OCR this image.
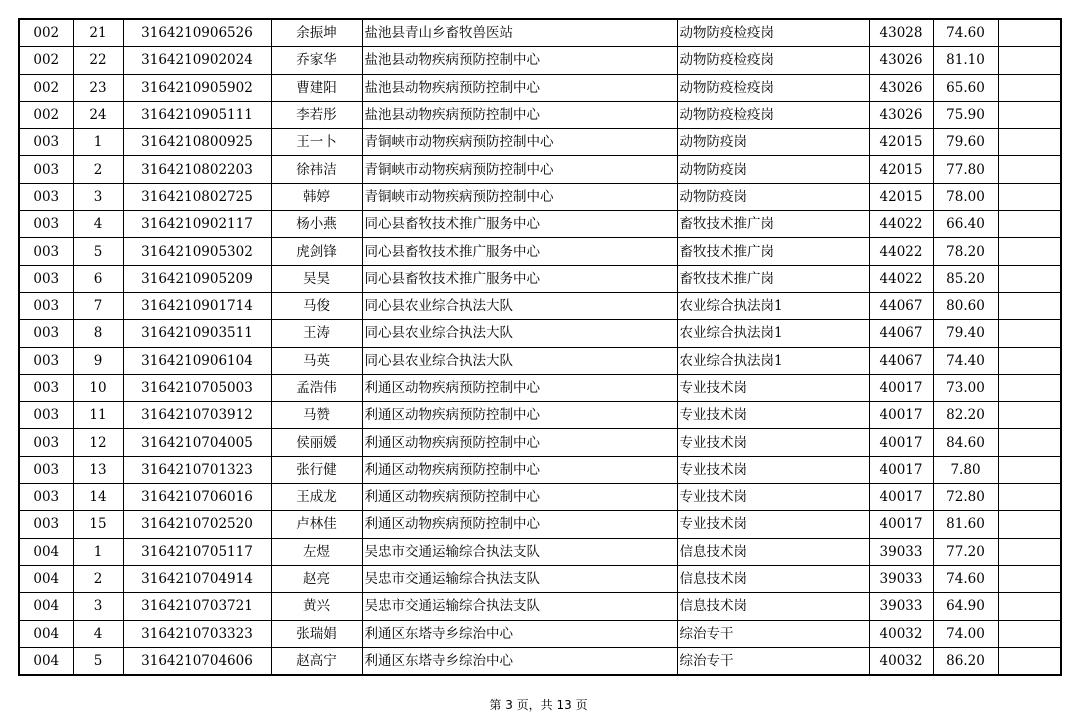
002	21	3164210906526	余振坤	盐池县青山乡畜牧兽医站	动物防疫检疫岗	43028	74.60	
002	22	3164210902024	乔家华	盐池县动物疾病预防控制中心	动物防疫检疫岗	43026	81.10	
002	23	3164210905902	曹建阳	盐池县动物疾病预防控制中心	动物防疫检疫岗	43026	65.60	
002	24	3164210905111	李若彤	盐池县动物疾病预防控制中心	动物防疫检疫岗	43026	75.90	
003	1	3164210800925	王一卜	青铜峡市动物疾病预防控制中心	动物防疫岗	42015	79.60	
003	2	3164210802203	徐祎洁	青铜峡市动物疾病预防控制中心	动物防疫岗	42015	77.80	
003	3	3164210802725	韩婷	青铜峡市动物疾病预防控制中心	动物防疫岗	42015	78.00	
003	4	3164210902117	杨小燕	同心县畜牧技术推广服务中心	畜牧技术推广岗	44022	66.40	
003	5	3164210905302	虎剑锋	同心县畜牧技术推广服务中心	畜牧技术推广岗	44022	78.20	
003	6	3164210905209	吴昊	同心县畜牧技术推广服务中心	畜牧技术推广岗	44022	85.20	
003	7	3164210901714	马俊	同心县农业综合执法大队	农业综合执法岗1	44067	80.60	
003	8	3164210903511	王涛	同心县农业综合执法大队	农业综合执法岗1	44067	79.40	
003	9	3164210906104	马英	同心县农业综合执法大队	农业综合执法岗1	44067	74.40	
003	10	3164210705003	孟浩伟	利通区动物疾病预防控制中心	专业技术岗	40017	73.00	
003	11	3164210703912	马赞	利通区动物疾病预防控制中心	专业技术岗	40017	82.20	
003	12	3164210704005	侯丽媛	利通区动物疾病预防控制中心	专业技术岗	40017	84.60	
003	13	3164210701323	张行健	利通区动物疾病预防控制中心	专业技术岗	40017	7.80	
003	14	3164210706016	王成龙	利通区动物疾病预防控制中心	专业技术岗	40017	72.80	
003	15	3164210702520	卢林佳	利通区动物疾病预防控制中心	专业技术岗	40017	81.60	
004	1	3164210705117	左煜	吴忠市交通运输综合执法支队	信息技术岗	39033	77.20	
004	2	3164210704914	赵亮	吴忠市交通运输综合执法支队	信息技术岗	39033	74.60	
004	3	3164210703721	黄兴	吴忠市交通运输综合执法支队	信息技术岗	39033	64.90	
004	4	3164210703323	张瑞娟	利通区东塔寺乡综治中心	综治专干	40032	74.00	
004	5	3164210704606	赵高宁	利通区东塔寺乡综治中心	综治专干	40032	86.20	
第 3 页，共 13 页
